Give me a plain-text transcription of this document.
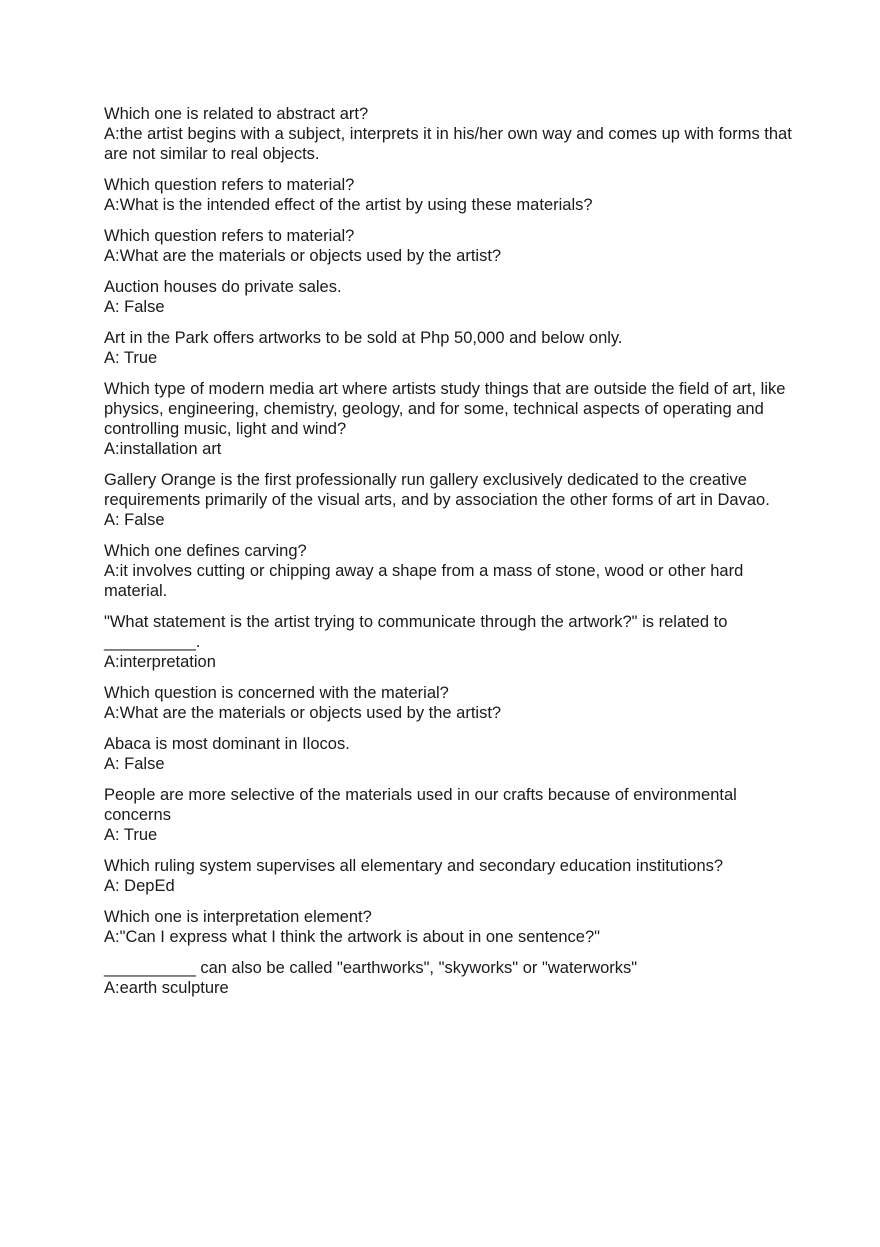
Which one is related to abstract art?
A:the artist begins with a subject, interprets it in his/her own way and comes up with forms that are not similar to real objects.
Which question refers to material?
A:What is the intended effect of the artist by using these materials?
Which question refers to material?
A:What are the materials or objects used by the artist?
Auction houses do private sales.
A: False
Art in the Park offers artworks to be sold at Php 50,000 and below only.
A: True
Which type of modern media art where artists study things that are outside the field of art, like physics, engineering, chemistry, geology, and for some, technical aspects of operating and controlling music, light and wind?
A:installation art
Gallery Orange is the first professionally run gallery exclusively dedicated to the creative requirements primarily of the visual arts, and by association the other forms of art in Davao.
A: False
Which one defines carving?
A:it involves cutting or chipping away a shape from a mass of stone, wood or other hard material.
"What statement is the artist trying to communicate through the artwork?" is related to __________.
A:interpretation
Which question is concerned with the material?
A:What are the materials or objects used by the artist?
Abaca is most dominant in Ilocos.
A: False
People are more selective of the materials used in our crafts because of environmental concerns
A: True
Which ruling system supervises all elementary and secondary education institutions?
A: DepEd
Which one is interpretation element?
A:"Can I express what I think the artwork is about in one sentence?"
__________ can also be called "earthworks", "skyworks" or "waterworks"
A:earth sculpture
